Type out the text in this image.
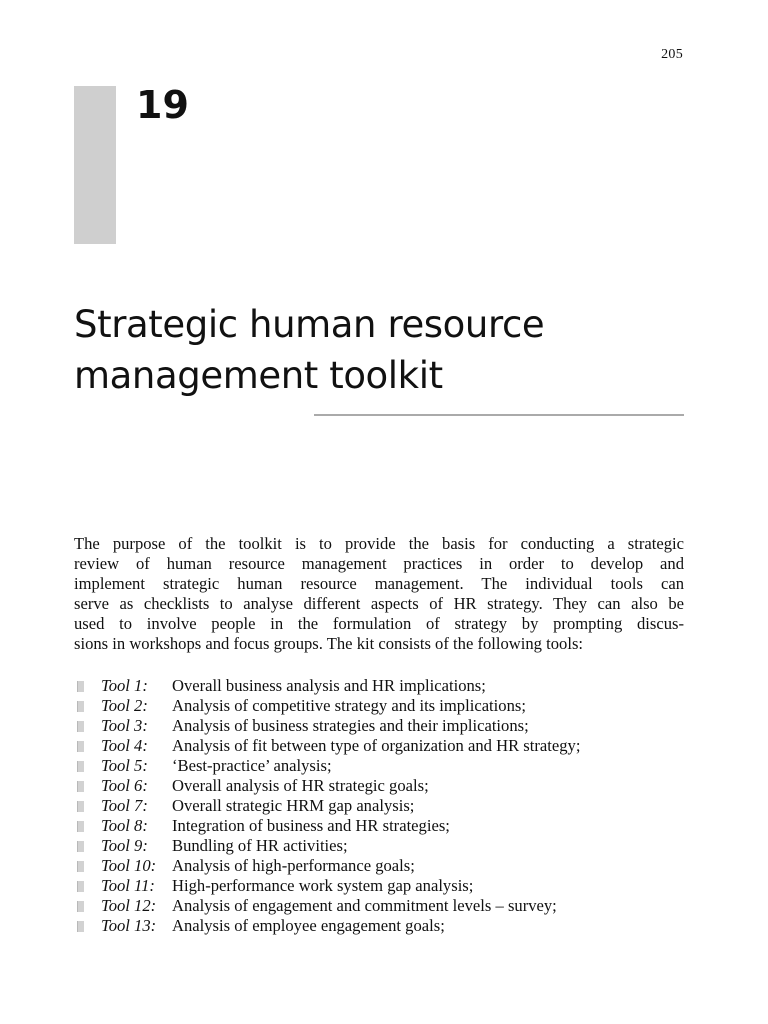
205
19
Strategic human resource
management toolkit

The purpose of the toolkit is to provide the basis for conducting a strategic
review of human resource management practices in order to develop and
implement strategic human resource management. The individual tools can
serve as checklists to analyse different aspects of HR strategy. They can also be
used to involve people in the formulation of strategy by prompting discus-
sions in workshops and focus groups. The kit consists of the following tools:

Tool 1: Overall business analysis and HR implications;
Tool 2: Analysis of competitive strategy and its implications;
Tool 3: Analysis of business strategies and their implications;
Tool 4: Analysis of fit between type of organization and HR strategy;
Tool 5: ‘Best-practice’ analysis;
Tool 6: Overall analysis of HR strategic goals;
Tool 7: Overall strategic HRM gap analysis;
Tool 8: Integration of business and HR strategies;
Tool 9: Bundling of HR activities;
Tool 10: Analysis of high-performance goals;
Tool 11: High-performance work system gap analysis;
Tool 12: Analysis of engagement and commitment levels – survey;
Tool 13: Analysis of employee engagement goals;
